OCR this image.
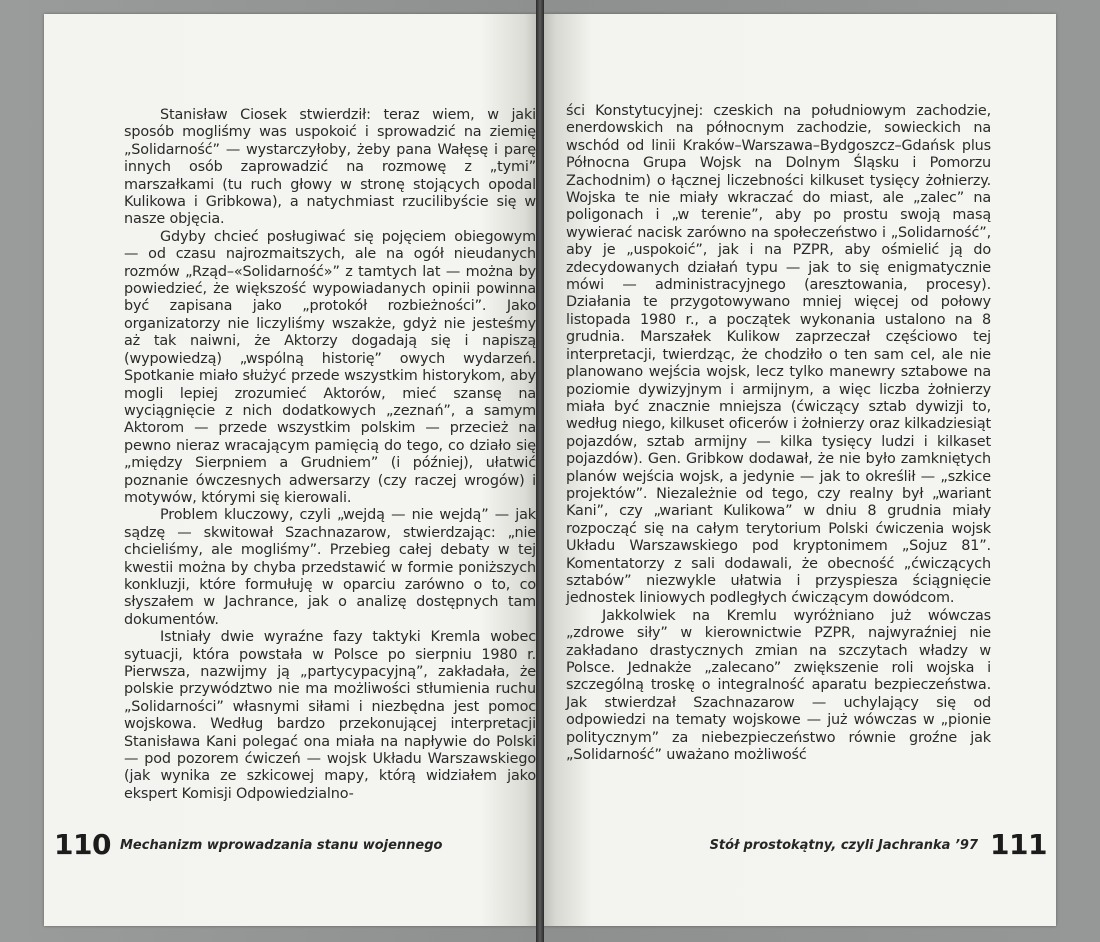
Stanisław Ciosek stwierdził: teraz wiem, w jaki sposób mogliśmy was uspokoić i sprowadzić na ziemię „Solidarność” — wystarczyłoby, żeby pana Wałęsę i parę innych osób zaprowadzić na rozmowę z „tymi” marszałkami (tu ruch głowy w stronę stojących opodal Kulikowa i Gribkowa), a natychmiast rzucilibyście się w nasze objęcia.

Gdyby chcieć posługiwać się pojęciem obiegowym — od czasu najrozmaitszych, ale na ogół nieudanych rozmów „Rząd–«Solidarność»” z tamtych lat — można by powiedzieć, że większość wypowiadanych opinii powinna być zapisana jako „protokół rozbieżności”. Jako organizatorzy nie liczyliśmy wszakże, gdyż nie jesteśmy aż tak naiwni, że Aktorzy dogadają się i napiszą (wypowiedzą) „wspólną historię” owych wydarzeń. Spotkanie miało służyć przede wszystkim historykom, aby mogli lepiej zrozumieć Aktorów, mieć szansę na wyciągnięcie z nich dodatkowych „zeznań”, a samym Aktorom — przede wszystkim polskim — przecież na pewno nieraz wracającym pamięcią do tego, co działo się „między Sierpniem a Grudniem” (i później), ułatwić poznanie ówczesnych adwersarzy (czy raczej wrogów) i motywów, którymi się kierowali.

Problem kluczowy, czyli „wejdą — nie wejdą” — jak sądzę — skwitował Szachnazarow, stwierdzając: „nie chcieliśmy, ale mogliśmy”. Przebieg całej debaty w tej kwestii można by chyba przedstawić w formie poniższych konkluzji, które formułuję w oparciu zarówno o to, co słyszałem w Jachrance, jak o analizę dostępnych tam dokumentów.

Istniały dwie wyraźne fazy taktyki Kremla wobec sytuacji, która powstała w Polsce po sierpniu 1980 r. Pierwsza, nazwijmy ją „partycypacyjną”, zakładała, że polskie przywództwo nie ma możliwości stłumienia ruchu „Solidarności” własnymi siłami i niezbędna jest pomoc wojskowa. Według bardzo przekonującej interpretacji Stanisława Kani polegać ona miała na napływie do Polski — pod pozorem ćwiczeń — wojsk Układu Warszawskiego (jak wynika ze szkicowej mapy, którą widziałem jako ekspert Komisji Odpowiedzialno-

ści Konstytucyjnej: czeskich na południowym zachodzie, enerdowskich na północnym zachodzie, sowieckich na wschód od linii Kraków–Warszawa–Bydgoszcz–Gdańsk plus Północna Grupa Wojsk na Dolnym Śląsku i Pomorzu Zachodnim) o łącznej liczebności kilkuset tysięcy żołnierzy. Wojska te nie miały wkraczać do miast, ale „zalec” na poligonach i „w terenie”, aby po prostu swoją masą wywierać nacisk zarówno na społeczeństwo i „Solidarność”, aby je „uspokoić”, jak i na PZPR, aby ośmielić ją do zdecydowanych działań typu — jak to się enigmatycznie mówi — administracyjnego (aresztowania, procesy). Działania te przygotowywano mniej więcej od połowy listopada 1980 r., a początek wykonania ustalono na 8 grudnia. Marszałek Kulikow zaprzeczał częściowo tej interpretacji, twierdząc, że chodziło o ten sam cel, ale nie planowano wejścia wojsk, lecz tylko manewry sztabowe na poziomie dywizyjnym i armijnym, a więc liczba żołnierzy miała być znacznie mniejsza (ćwiczący sztab dywizji to, według niego, kilkuset oficerów i żołnierzy oraz kilkadziesiąt pojazdów, sztab armijny — kilka tysięcy ludzi i kilkaset pojazdów). Gen. Gribkow dodawał, że nie było zamkniętych planów wejścia wojsk, a jedynie — jak to określił — „szkice projektów”. Niezależnie od tego, czy realny był „wariant Kani”, czy „wariant Kulikowa” w dniu 8 grudnia miały rozpocząć się na całym terytorium Polski ćwiczenia wojsk Układu Warszawskiego pod kryptonimem „Sojuz 81”. Komentatorzy z sali dodawali, że obecność „ćwiczących sztabów” niezwykle ułatwia i przyspiesza ściągnięcie jednostek liniowych podległych ćwiczącym dowódcom.

Jakkolwiek na Kremlu wyróżniano już wówczas „zdrowe siły” w kierownictwie PZPR, najwyraźniej nie zakładano drastycznych zmian na szczytach władzy w Polsce. Jednakże „zalecano” zwiększenie roli wojska i szczególną troskę o integralność aparatu bezpieczeństwa. Jak stwierdzał Szachnazarow — uchylający się od odpowiedzi na tematy wojskowe — już wówczas w „pionie politycznym” za niebezpieczeństwo równie groźne jak „Solidarność” uważano możliwość

110 Mechanizm wprowadzania stanu wojennego	Stół prostokątny, czyli Jachranka ’97 111
